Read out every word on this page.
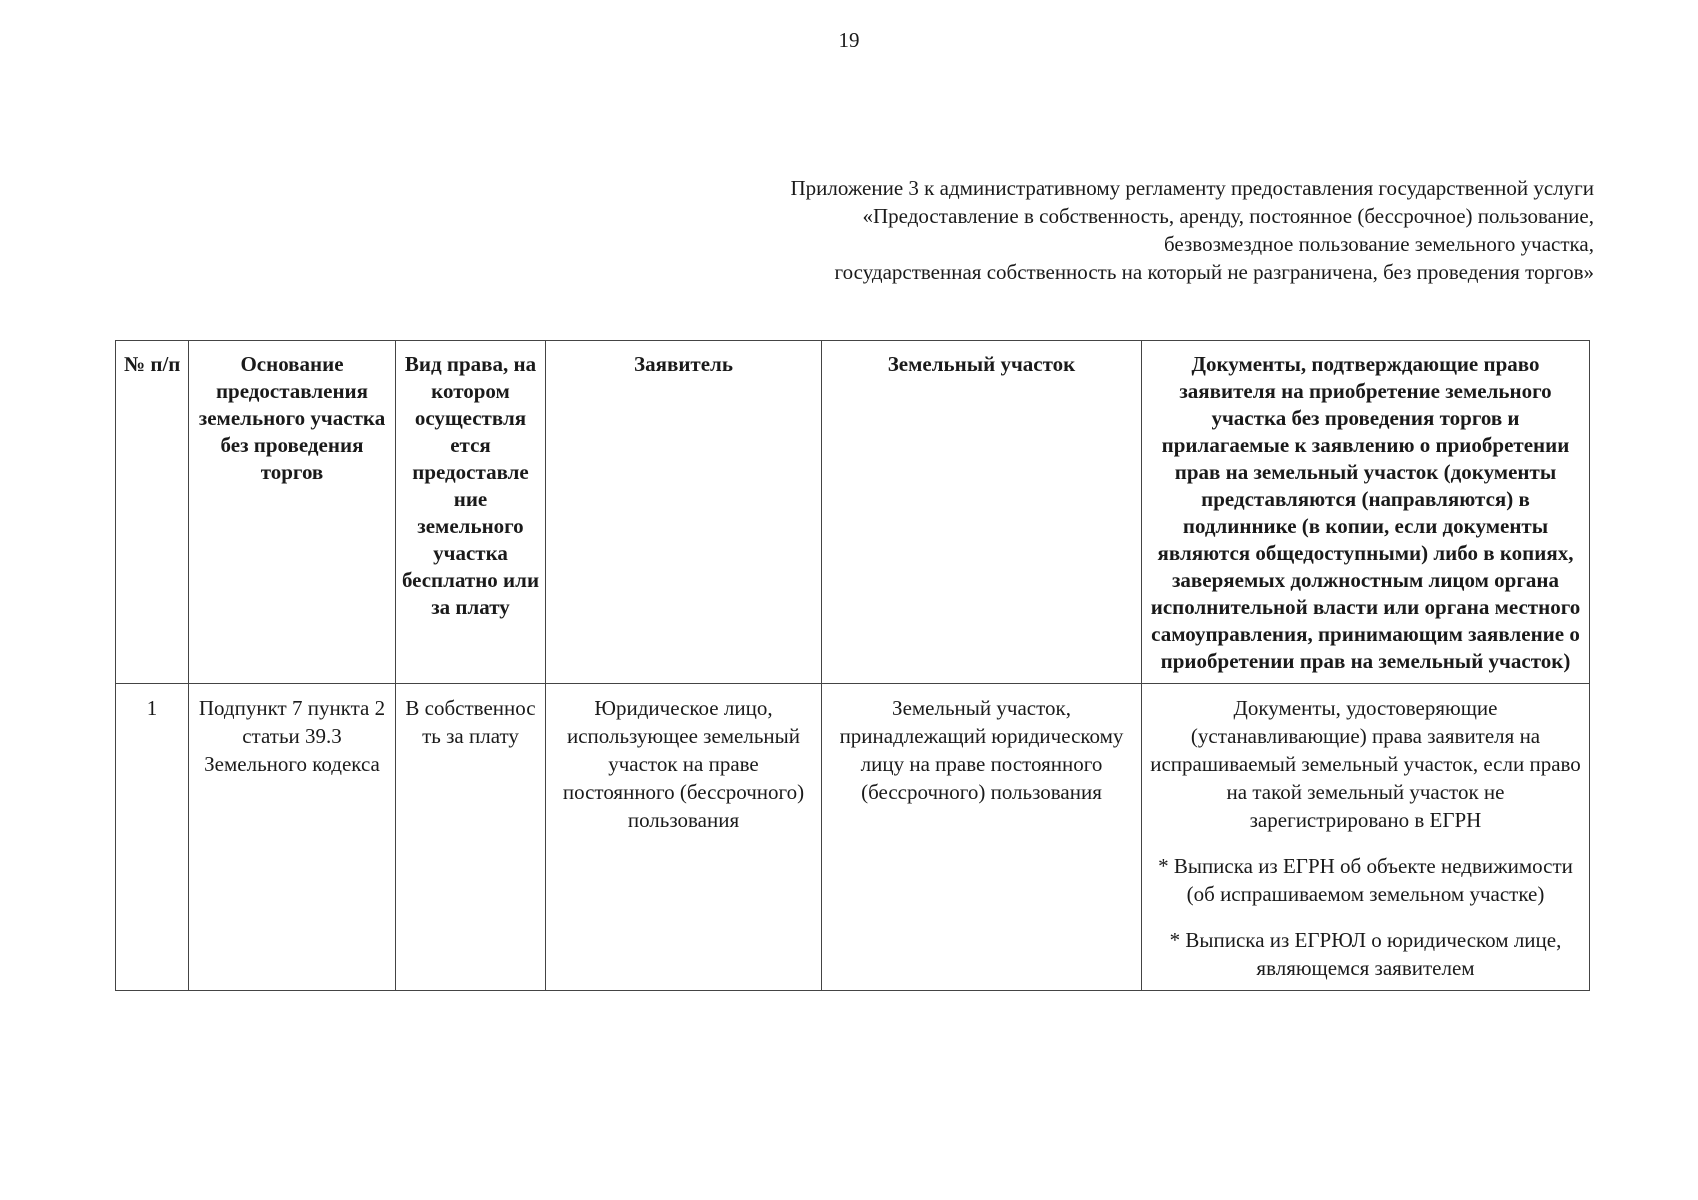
19
Приложение 3 к административному регламенту предоставления государственной услуги
«Предоставление в собственность, аренду, постоянное (бессрочное) пользование,
безвозмездное пользование земельного участка,
государственная собственность на который не разграничена, без проведения торгов»
№ п/п	Основание предоставления земельного участка без проведения торгов	Вид права, на котором осуществля ется предоставле ние земельного участка бесплатно или за плату	Заявитель	Земельный участок	Документы, подтверждающие право заявителя на приобретение земельного участка без проведения торгов и прилагаемые к заявлению о приобретении прав на земельный участок (документы представляются (направляются) в подлиннике (в копии, если документы являются общедоступными) либо в копиях, заверяемых должностным лицом органа исполнительной власти или органа местного самоуправления, принимающим заявление о приобретении прав на земельный участок)
1	Подпункт 7 пункта 2 статьи 39.3 Земельного кодекса	В собственнос ть за плату	Юридическое лицо, использующее земельный участок на праве постоянного (бессрочного) пользования	Земельный участок, принадлежащий юридическому лицу на праве постоянного (бессрочного) пользования	Документы, удостоверяющие (устанавливающие) права заявителя на испрашиваемый земельный участок, если право на такой земельный участок не зарегистрировано в ЕГРН

* Выписка из ЕГРН об объекте недвижимости (об испрашиваемом земельном участке)

* Выписка из ЕГРЮЛ о юридическом лице, являющемся заявителем
